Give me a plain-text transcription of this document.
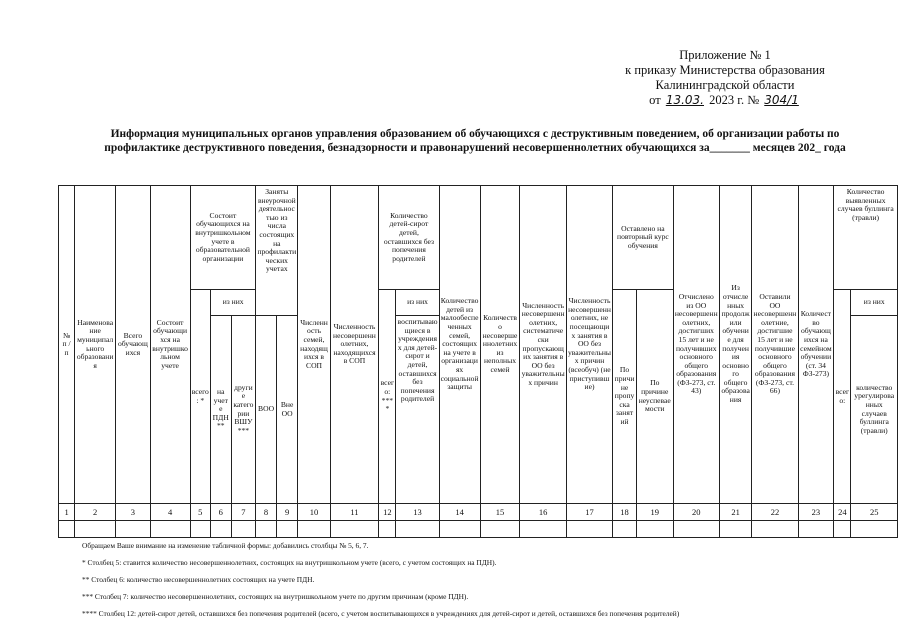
Приложение № 1
к приказу Министерства образования
Калининградской области
от 13.03. 2023 г. № 304/1
Информация муниципальных органов управления образованием об обучающихся с деструктивным поведением, об организации работы по профилактике деструктивного поведения, безнадзорности и правонарушений несовершеннолетних обучающихся за_______ месяцев 202_ года
№ п / п	Наименование муниципального образования	Всего обучающихся	Состоит обучающихся на внутришкольном учете	Состоит обучающихся на внутришкольном учете в образовательной организации			Заняты внеурочной деятельностью из числа состоящих на профилактических учетах		Численность семей, находящихся в СОП	Численность несовершеннолетних, находящихся в СОП	Количество детей-сирот детей, оставшихся без попечения родителей		Количество детей из малообеспеченных семей, состоящих на учете в организациях социальной защиты	Количество несовершеннолетних из неполных семей	Численность несовершеннолетних, систематически пропускающих занятия в ОО без уважительных причин	Численность несовершеннолетних, не посещающих занятия в ОО без уважительных причин (всеобуч) (не приступившие)	Оставлено на повторный курс обучения		Отчислено из ОО несовершеннолетних, достигших 15 лет и не получивших основного общего образования (ФЗ-273, ст. 43)	Из отчисленных продолжили обучение для получения основного общего образования	Оставили ОО несовершеннолетние, достигшие 15 лет и не получившие основного общего образования (ФЗ-273, ст. 66)	Количество обучающихся на семейном обучении (ст. 34 ФЗ-273)	Количество выявленных случаев буллинга (травли)	
				всего: *	из них						всего: ****	из них					По причине пропуска занятий	По причине неуспеваемости					всего:	из них
					на учете ПДН **	другие категории ВШУ ***	ВОО	Вне ОО				воспитывающиеся в учреждениях для детей-сирот и детей, оставшихся без попечения родителей												количество урегулированных случаев буллинга (травли)
1	2	3	4	5	6	7	8	9	10	11	12	13	14	15	16	17	18	19	20	21	22	23	24	25

Обращаем Ваше внимание на изменение табличной формы: добавились столбцы № 5, 6, 7.

* Столбец 5: ставится количество несовершеннолетних, состоящих на внутришкольном учете (всего, с учетом состоящих на ПДН).

** Столбец 6: количество несовершеннолетних состоящих на учете ПДН.

*** Столбец 7: количество несовершеннолетних, состоящих на внутришкольном учете по другим причинам (кроме ПДН).

**** Столбец 12: детей-сирот детей, оставшихся без попечения родителей (всего, с учетом воспитывающихся в учреждениях для детей-сирот и детей, оставшихся без попечения родителей)
